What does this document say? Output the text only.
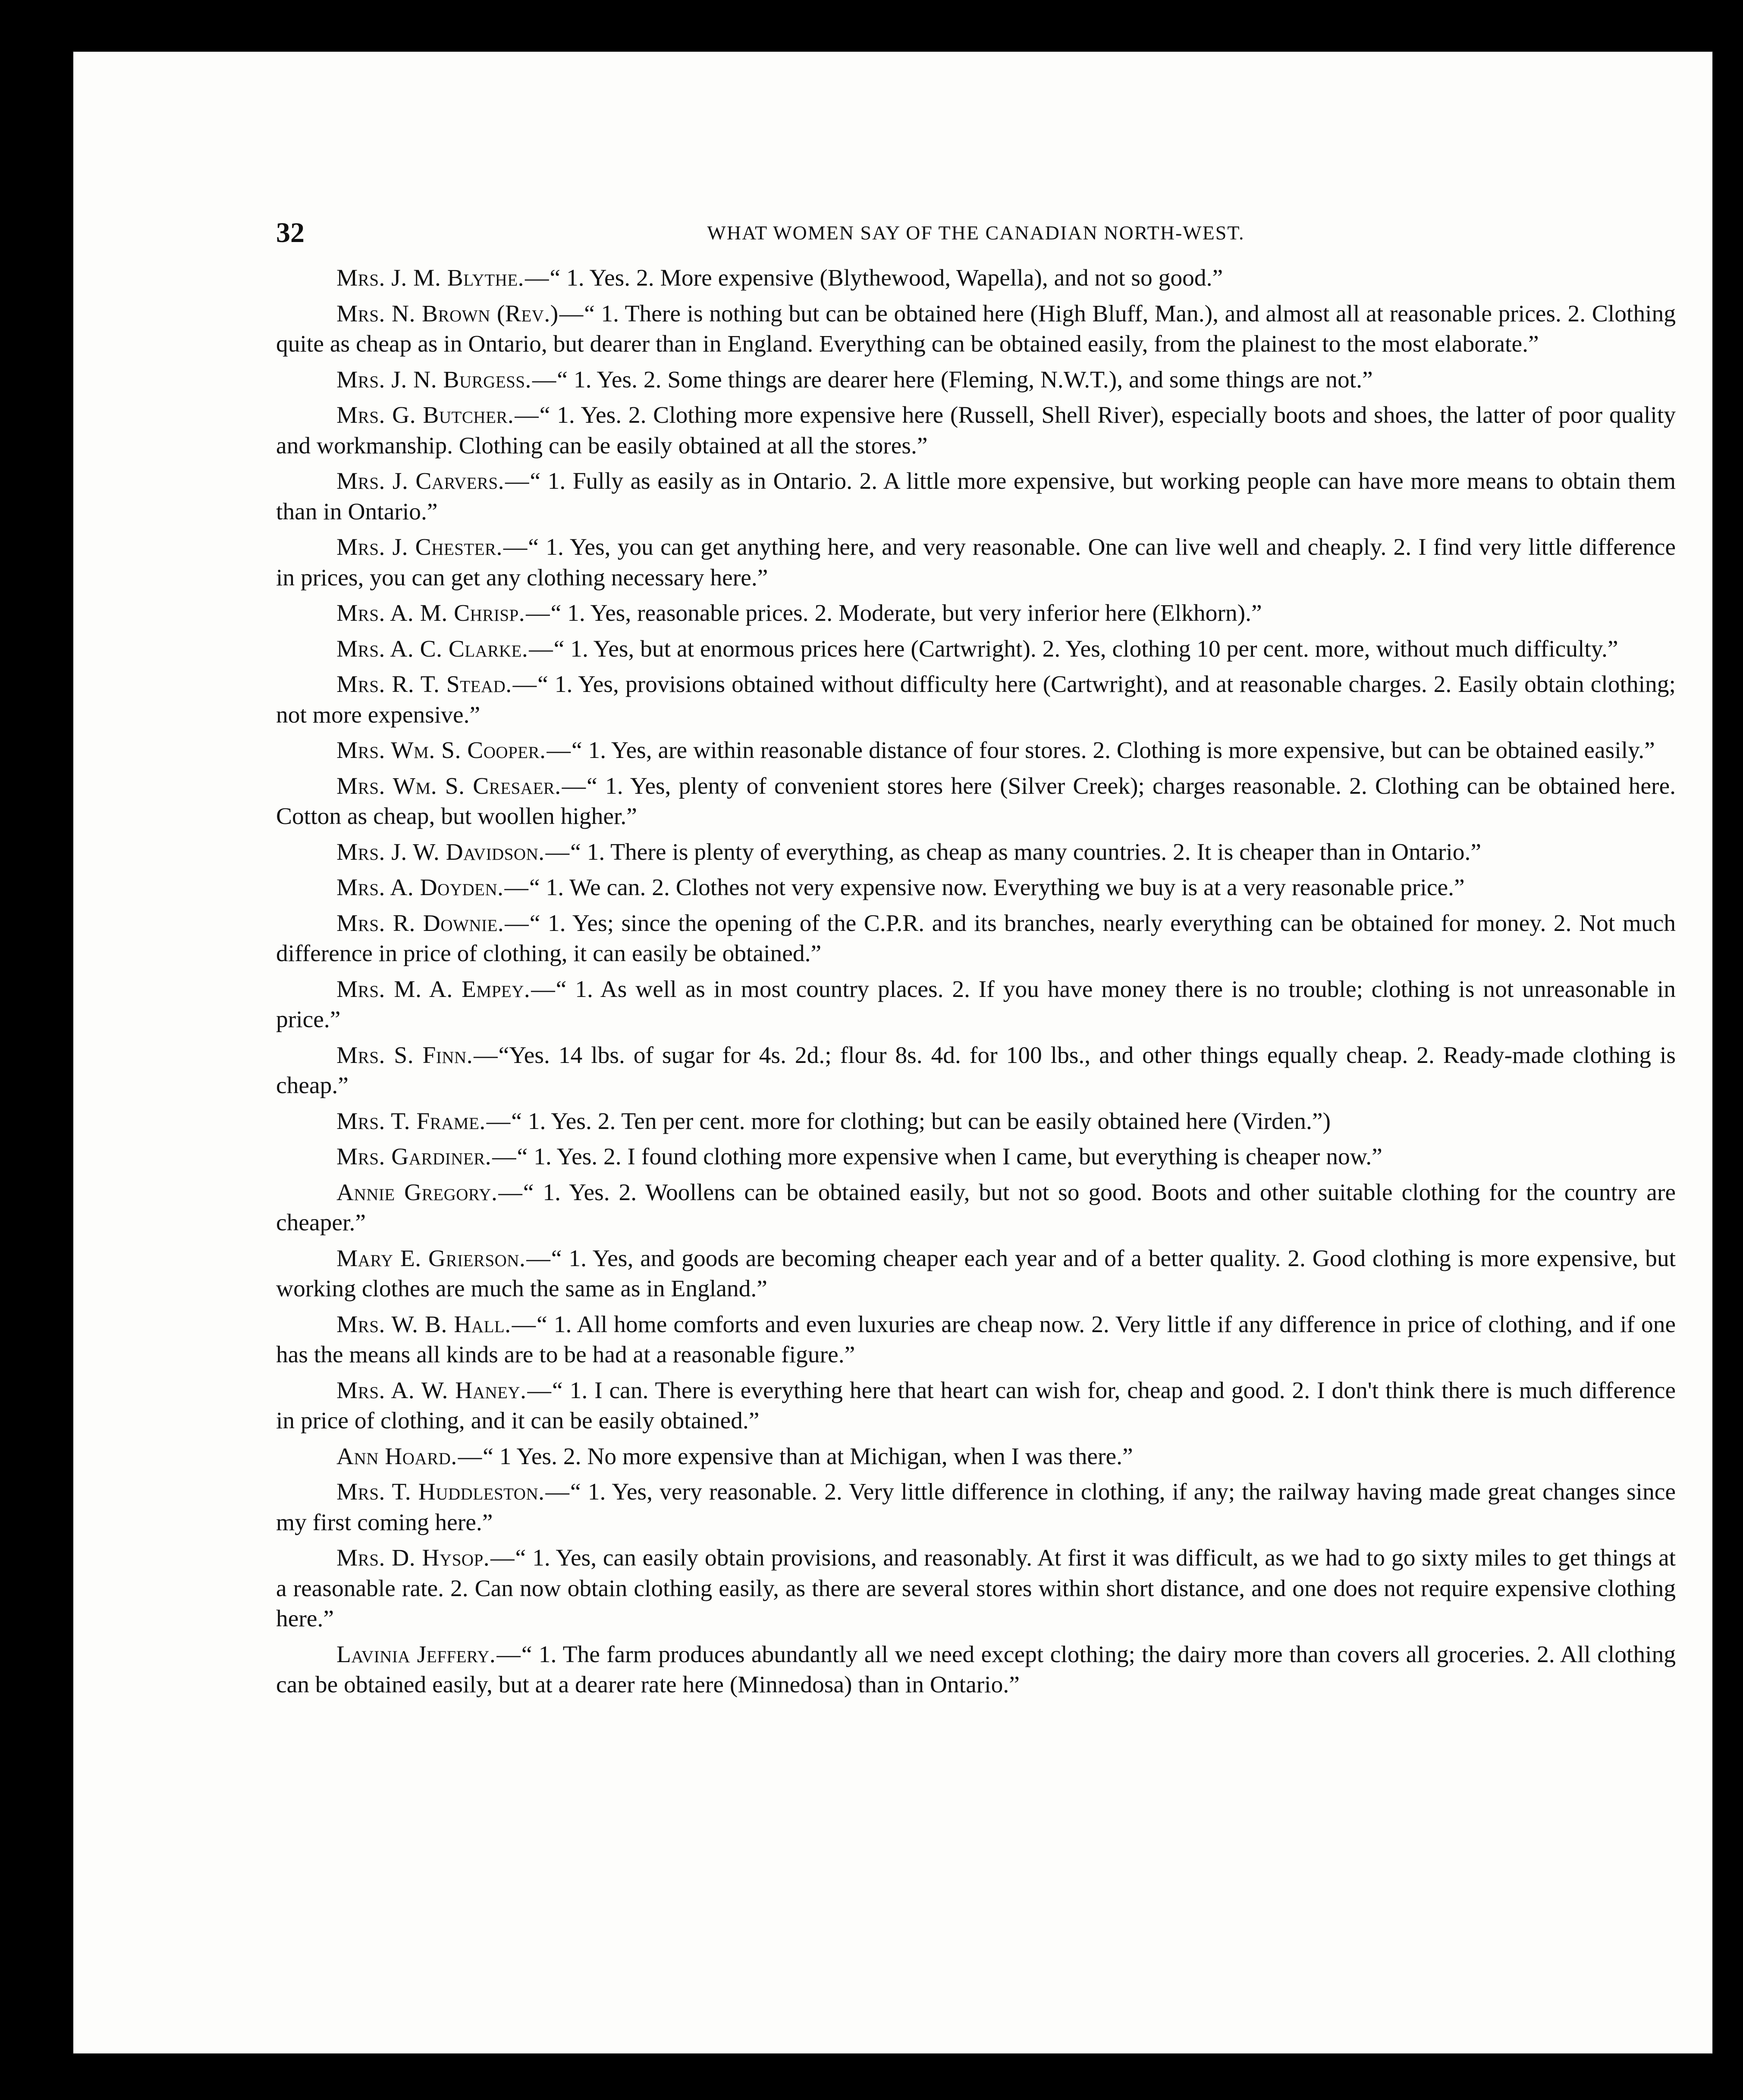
32	WHAT WOMEN SAY OF THE CANADIAN NORTH-WEST.

Mrs. J. M. Blythe.—“ 1. Yes. 2. More expensive (Blythewood, Wapella), and not so good.”

Mrs. N. Brown (Rev.)—“ 1. There is nothing but can be obtained here (High Bluff, Man.), and almost all at reasonable prices. 2. Clothing quite as cheap as in Ontario, but dearer than in England. Everything can be obtained easily, from the plainest to the most elaborate.”

Mrs. J. N. Burgess.—“ 1. Yes. 2. Some things are dearer here (Fleming, N.W.T.), and some things are not.”

Mrs. G. Butcher.—“ 1. Yes. 2. Clothing more expensive here (Russell, Shell River), especially boots and shoes, the latter of poor quality and workmanship. Clothing can be easily obtained at all the stores.”

Mrs. J. Carvers.—“ 1. Fully as easily as in Ontario. 2. A little more expensive, but working people can have more means to obtain them than in Ontario.”

Mrs. J. Chester.—“ 1. Yes, you can get anything here, and very reasonable. One can live well and cheaply. 2. I find very little difference in prices, you can get any clothing necessary here.”

Mrs. A. M. Chrisp.—“ 1. Yes, reasonable prices. 2. Moderate, but very inferior here (Elkhorn).”

Mrs. A. C. Clarke.—“ 1. Yes, but at enormous prices here (Cartwright). 2. Yes, clothing 10 per cent. more, without much difficulty.”

Mrs. R. T. Stead.—“ 1. Yes, provisions obtained without difficulty here (Cartwright), and at reasonable charges. 2. Easily obtain clothing; not more expensive.”

Mrs. Wm. S. Cooper.—“ 1. Yes, are within reasonable distance of four stores. 2. Clothing is more expensive, but can be obtained easily.”

Mrs. Wm. S. Cresaer.—“ 1. Yes, plenty of convenient stores here (Silver Creek); charges reasonable. 2. Clothing can be obtained here. Cotton as cheap, but woollen higher.”

Mrs. J. W. Davidson.—“ 1. There is plenty of everything, as cheap as many countries. 2. It is cheaper than in Ontario.”

Mrs. A. Doyden.—“ 1. We can. 2. Clothes not very expensive now. Everything we buy is at a very reasonable price.”

Mrs. R. Downie.—“ 1. Yes; since the opening of the C.P.R. and its branches, nearly everything can be obtained for money. 2. Not much difference in price of clothing, it can easily be obtained.”

Mrs. M. A. Empey.—“ 1. As well as in most country places. 2. If you have money there is no trouble; clothing is not unreasonable in price.”

Mrs. S. Finn.—“Yes. 14 lbs. of sugar for 4s. 2d.; flour 8s. 4d. for 100 lbs., and other things equally cheap. 2. Ready-made clothing is cheap.”

Mrs. T. Frame.—“ 1. Yes. 2. Ten per cent. more for clothing; but can be easily obtained here (Virden.”)

Mrs. Gardiner.—“ 1. Yes. 2. I found clothing more expensive when I came, but everything is cheaper now.”

Annie Gregory.—“ 1. Yes. 2. Woollens can be obtained easily, but not so good. Boots and other suitable clothing for the country are cheaper.”

Mary E. Grierson.—“ 1. Yes, and goods are becoming cheaper each year and of a better quality. 2. Good clothing is more expensive, but working clothes are much the same as in England.”

Mrs. W. B. Hall.—“ 1. All home comforts and even luxuries are cheap now. 2. Very little if any difference in price of clothing, and if one has the means all kinds are to be had at a reasonable figure.”

Mrs. A. W. Haney.—“ 1. I can. There is everything here that heart can wish for, cheap and good. 2. I don't think there is much difference in price of clothing, and it can be easily obtained.”

Ann Hoard.—“ 1 Yes. 2. No more expensive than at Michigan, when I was there.”

Mrs. T. Huddleston.—“ 1. Yes, very reasonable. 2. Very little difference in clothing, if any; the railway having made great changes since my first coming here.”

Mrs. D. Hysop.—“ 1. Yes, can easily obtain provisions, and reasonably. At first it was difficult, as we had to go sixty miles to get things at a reasonable rate. 2. Can now obtain clothing easily, as there are several stores within short distance, and one does not require expensive clothing here.”

Lavinia Jeffery.—“ 1. The farm produces abundantly all we need except clothing; the dairy more than covers all groceries. 2. All clothing can be obtained easily, but at a dearer rate here (Minnedosa) than in Ontario.”
